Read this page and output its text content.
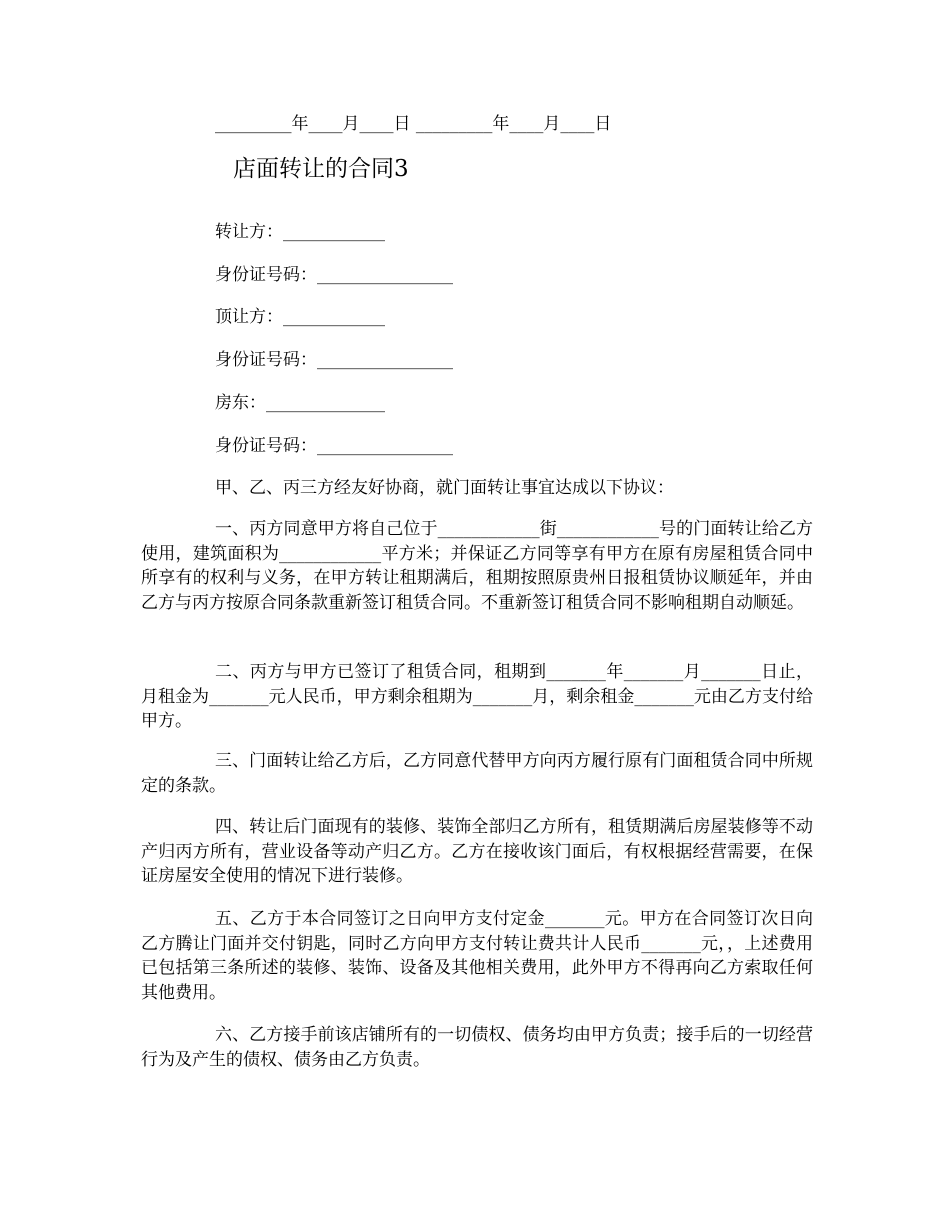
_________年____月____日 _________年____月____日
店面转让的合同3
转让方：____________
身份证号码：________________
顶让方：____________
身份证号码：________________
房东：______________
身份证号码：________________
甲、乙、丙三方经友好协商，就门面转让事宜达成以下协议：

一、丙方同意甲方将自己位于____________街____________号的门面转让给乙方使用，建筑面积为____________平方米；并保证乙方同等享有甲方在原有房屋租赁合同中所享有的权利与义务，在甲方转让租期满后，租期按照原贵州日报租赁协议顺延年，并由乙方与丙方按原合同条款重新签订租赁合同。不重新签订租赁合同不影响租期自动顺延。

二、丙方与甲方已签订了租赁合同，租期到_______年_______月_______日止，月租金为_______元人民币，甲方剩余租期为_______月，剩余租金_______元由乙方支付给甲方。

三、门面转让给乙方后，乙方同意代替甲方向丙方履行原有门面租赁合同中所规定的条款。

四、转让后门面现有的装修、装饰全部归乙方所有，租赁期满后房屋装修等不动产归丙方所有，营业设备等动产归乙方。乙方在接收该门面后，有权根据经营需要，在保证房屋安全使用的情况下进行装修。

五、乙方于本合同签订之日向甲方支付定金_______元。甲方在合同签订次日向乙方腾让门面并交付钥匙，同时乙方向甲方支付转让费共计人民币_______元，，上述费用已包括第三条所述的装修、装饰、设备及其他相关费用，此外甲方不得再向乙方索取任何其他费用。

六、乙方接手前该店铺所有的一切债权、债务均由甲方负责；接手后的一切经营行为及产生的债权、债务由乙方负责。
